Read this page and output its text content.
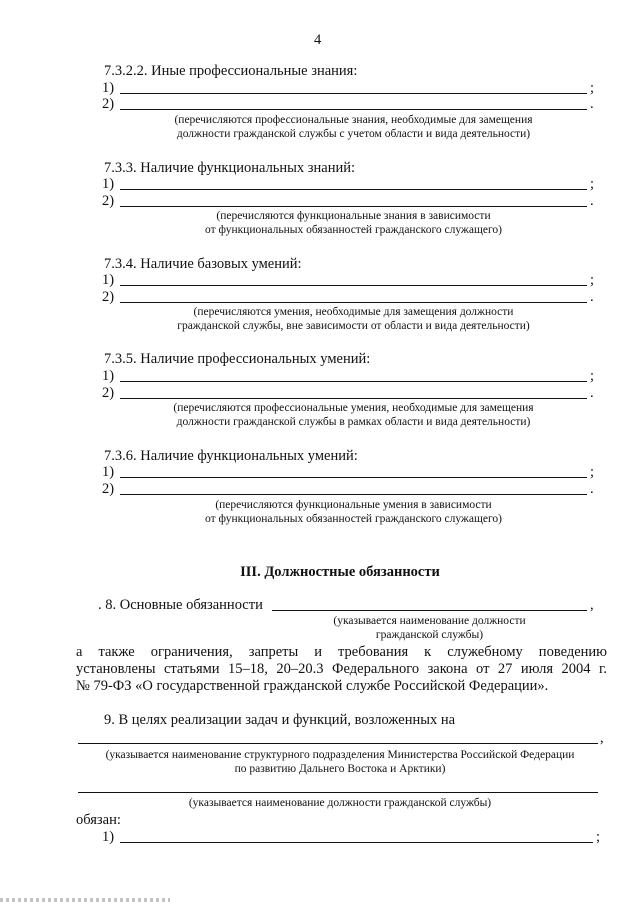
4
7.3.2.2. Иные профессиональные знания:
1)	;
2)	.
(перечисляются профессиональные знания, необходимые для замещения
должности гражданской службы с учетом области и вида деятельности)
7.3.3. Наличие функциональных знаний:
1)	;
2)	.
(перечисляются функциональные знания в зависимости
от функциональных обязанностей гражданского служащего)
7.3.4. Наличие базовых умений:
1)	;
2)	.
(перечисляются умения, необходимые для замещения должности
гражданской службы, вне зависимости от области и вида деятельности)
7.3.5. Наличие профессиональных умений:
1)	;
2)	.
(перечисляются профессиональные умения, необходимые для замещения
должности гражданской службы в рамках области и вида деятельности)
7.3.6. Наличие функциональных умений:
1)	;
2)	.
(перечисляются функциональные умения в зависимости
от функциональных обязанностей гражданского служащего)
III. Должностные обязанности
. 8. Основные обязанности	,
(указывается наименование должности
гражданской службы)
а также ограничения, запреты и требования к служебному поведению
установлены статьями 15–18, 20–20.3 Федерального закона от 27 июля 2004 г.
№ 79-ФЗ «О государственной гражданской службе Российской Федерации».
9. В целях реализации задач и функций, возложенных на
,
(указывается наименование структурного подразделения Министерства Российской Федерации
по развитию Дальнего Востока и Арктики)
(указывается наименование должности гражданской службы)
обязан:
1)	;
